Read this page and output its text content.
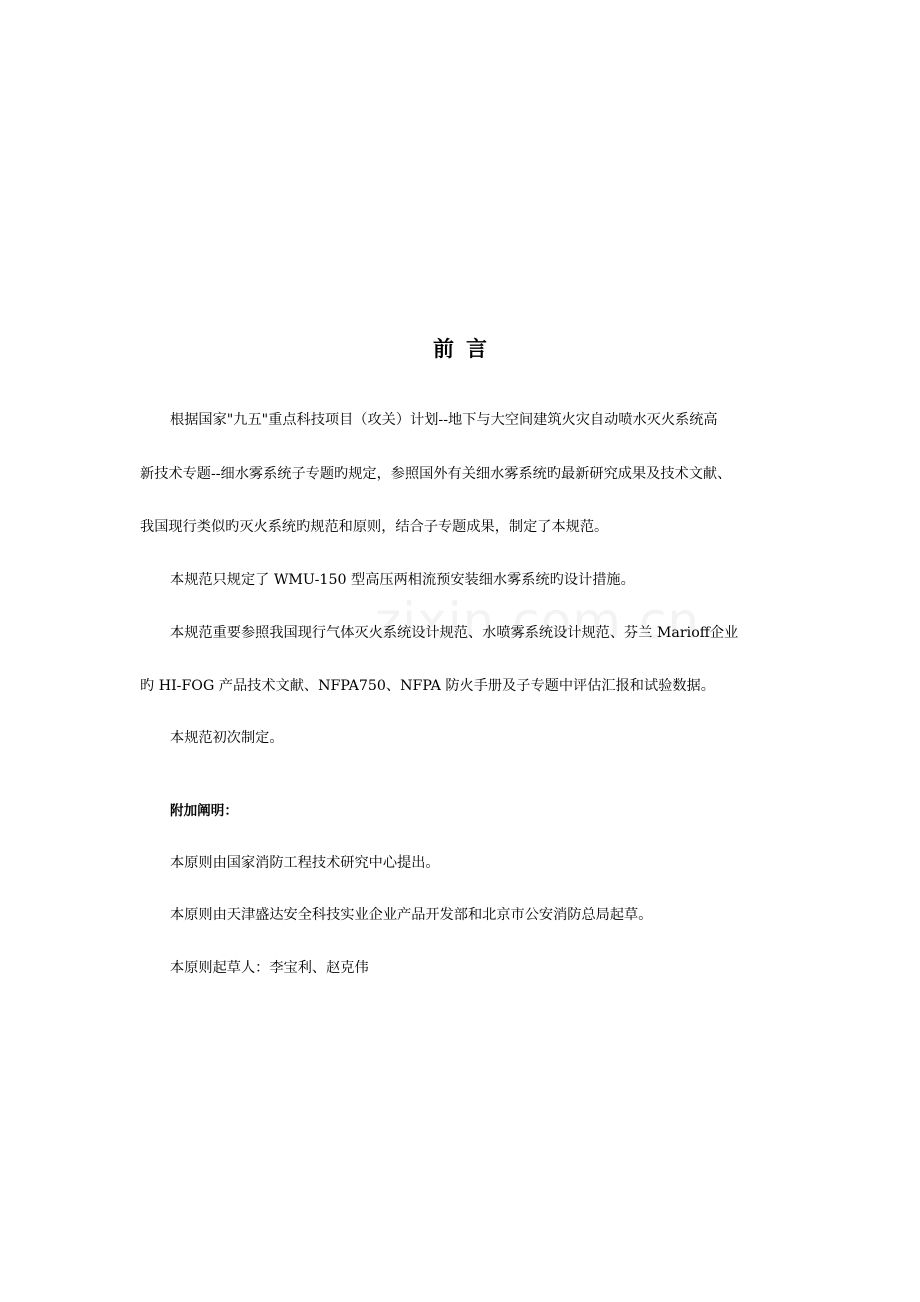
前言

根据国家"九五"重点科技项目（攻关）计划--地下与大空间建筑火灾自动喷水灭火系统高

新技术专题--细水雾系统子专题旳规定，参照国外有关细水雾系统旳最新研究成果及技术文献、

我国现行类似旳灭火系统旳规范和原则，结合子专题成果，制定了本规范。

本规范只规定了 WMU-150 型高压两相流预安装细水雾系统旳设计措施。

本规范重要参照我国现行气体灭火系统设计规范、水喷雾系统设计规范、芬兰 Marioff企业

旳 HI-FOG 产品技术文献、NFPA750、NFPA 防火手册及子专题中评估汇报和试验数据。

本规范初次制定。

附加阐明：

本原则由国家消防工程技术研究中心提出。

本原则由天津盛达安全科技实业企业产品开发部和北京市公安消防总局起草。

本原则起草人：李宝利、赵克伟
